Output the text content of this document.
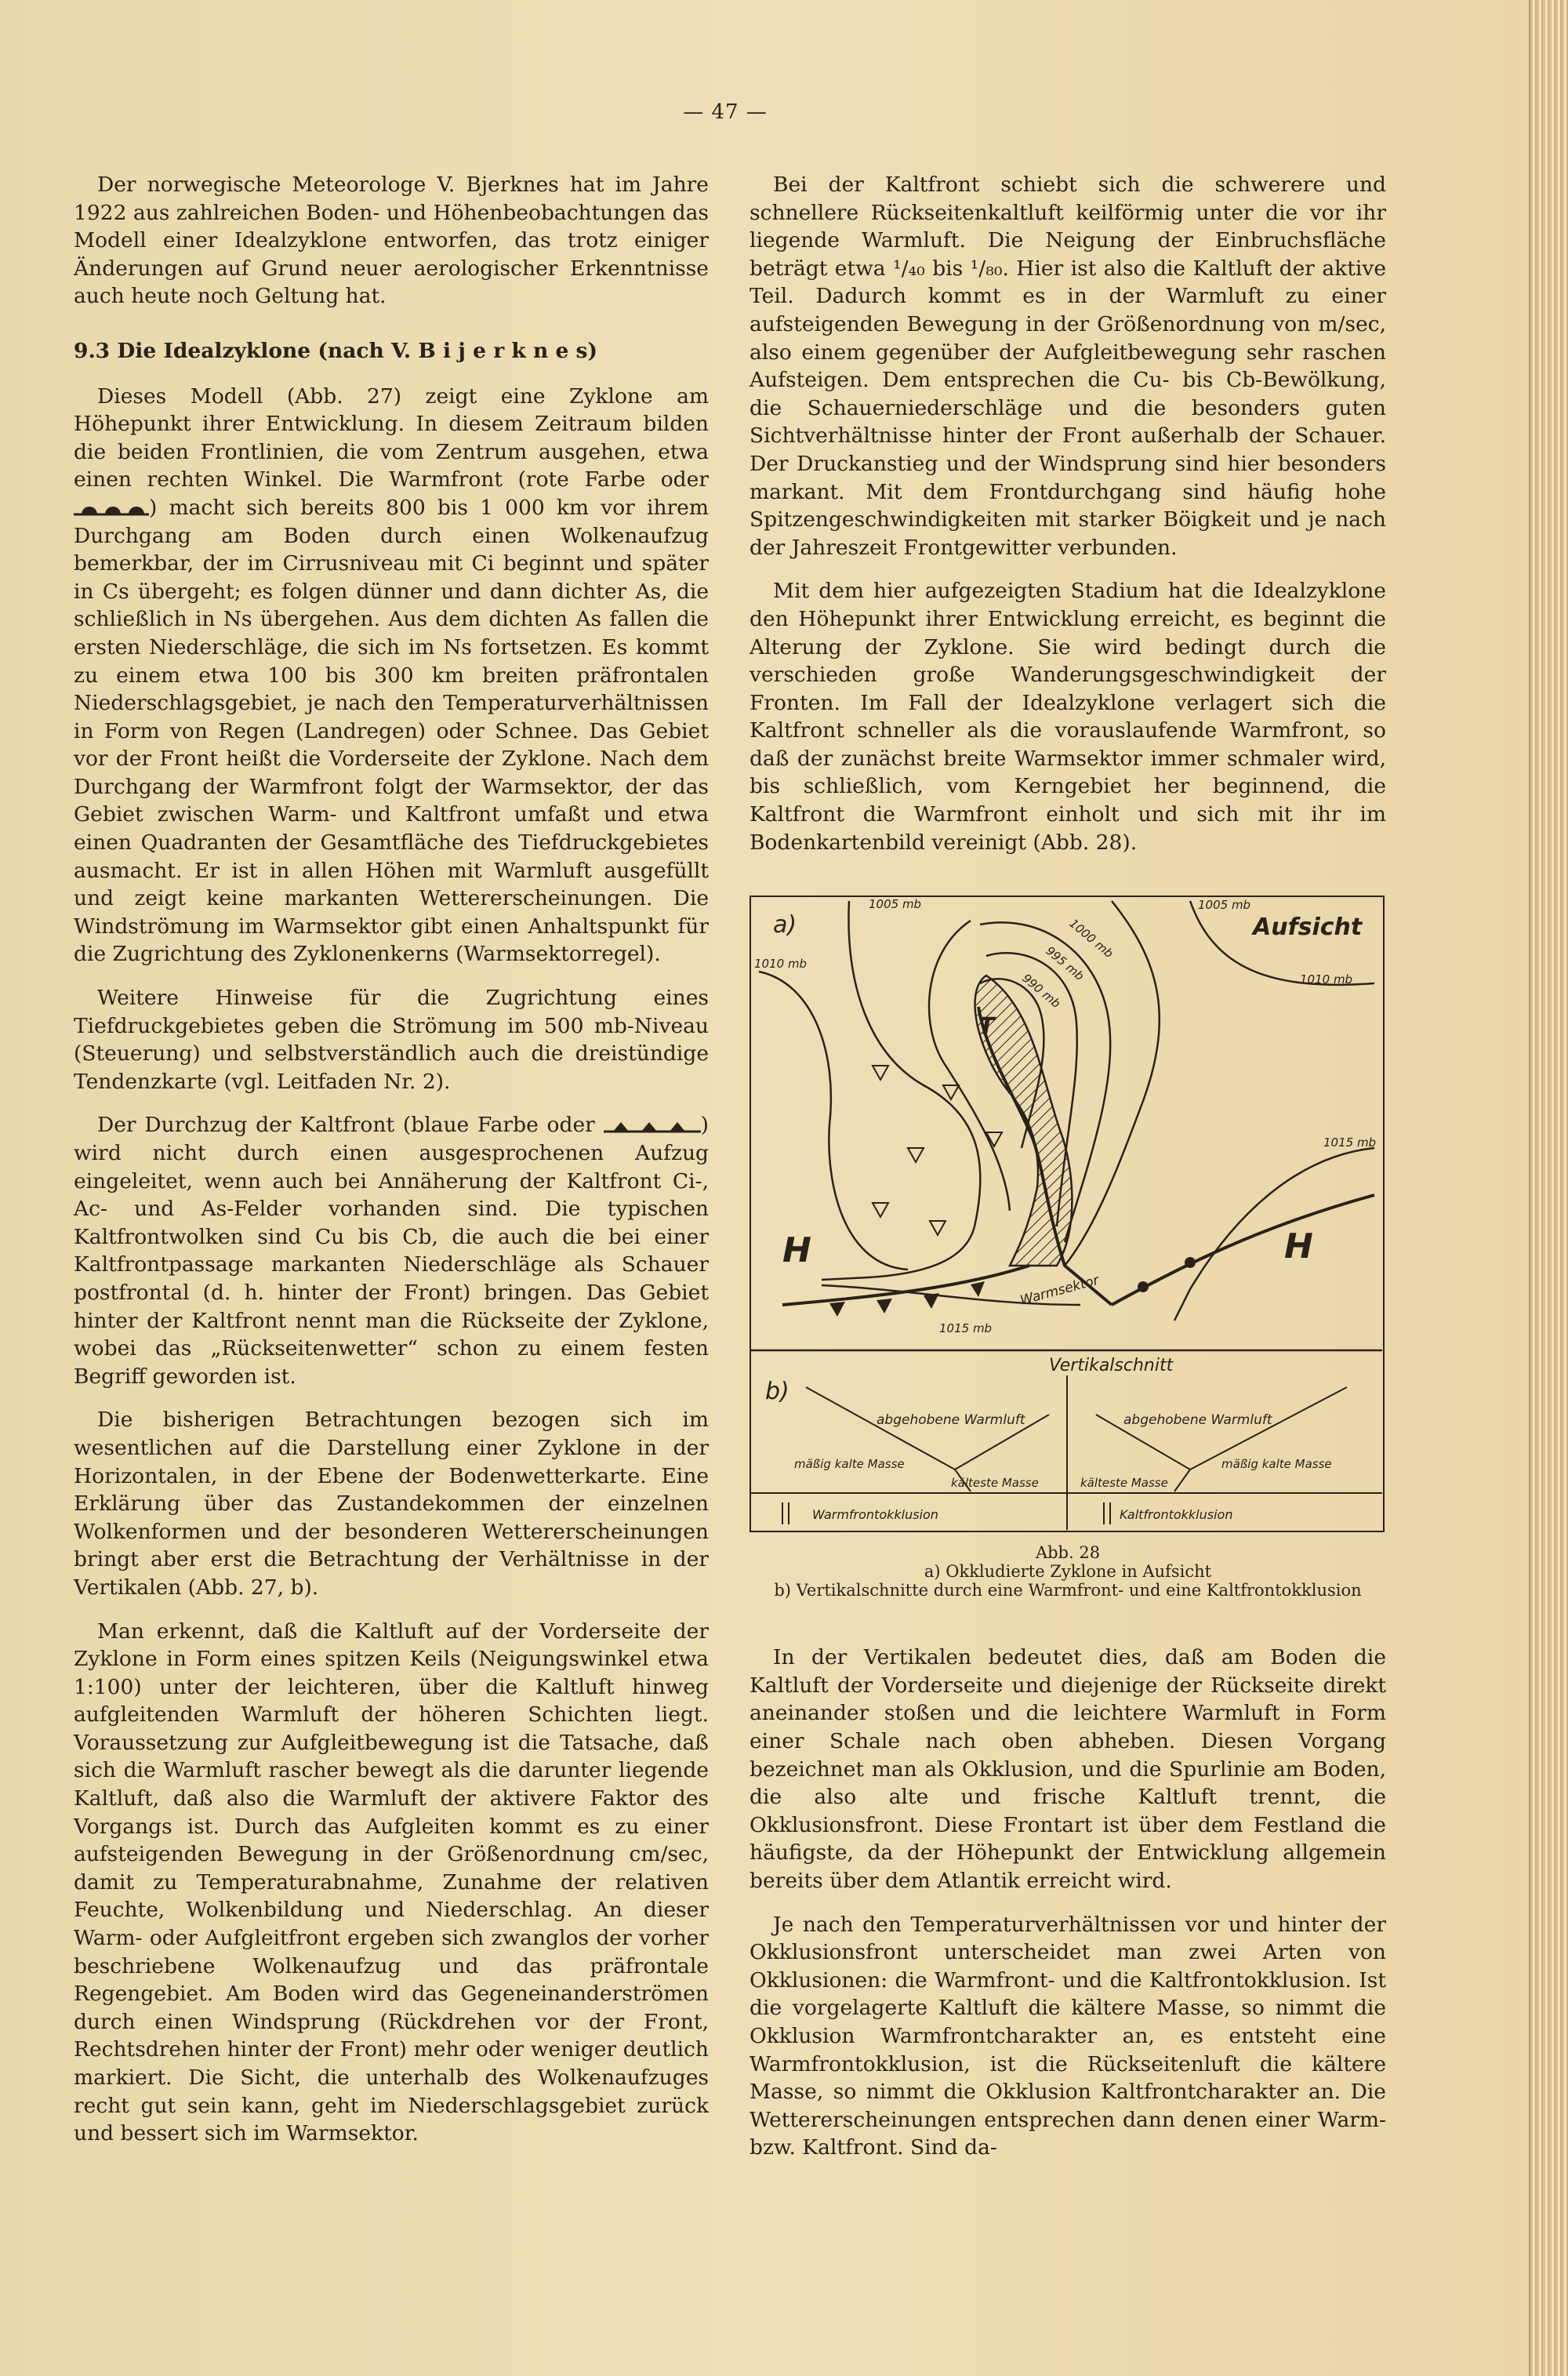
— 47 —

Der norwegische Meteorologe V. Bjerknes hat im Jahre 1922 aus zahlreichen Boden- und Höhenbeobachtungen das Modell einer Idealzyklone entworfen, das trotz einiger Änderungen auf Grund neuer aerologischer Erkenntnisse auch heute noch Geltung hat.

9.3 Die Idealzyklone (nach V. B i j e r k n e s)

Dieses Modell (Abb. 27) zeigt eine Zyklone am Höhepunkt ihrer Entwicklung. In diesem Zeitraum bilden die beiden Frontlinien, die vom Zentrum ausgehen, etwa einen rechten Winkel. Die Warmfront (rote Farbe oder ) macht sich bereits 800 bis 1 000 km vor ihrem Durchgang am Boden durch einen Wolkenaufzug bemerkbar, der im Cirrusniveau mit Ci beginnt und später in Cs übergeht; es folgen dünner und dann dichter As, die schließlich in Ns übergehen. Aus dem dichten As fallen die ersten Niederschläge, die sich im Ns fortsetzen. Es kommt zu einem etwa 100 bis 300 km breiten präfrontalen Niederschlagsgebiet, je nach den Temperaturverhältnissen in Form von Regen (Landregen) oder Schnee. Das Gebiet vor der Front heißt die Vorderseite der Zyklone. Nach dem Durchgang der Warmfront folgt der Warmsektor, der das Gebiet zwischen Warm- und Kaltfront umfaßt und etwa einen Quadranten der Gesamtfläche des Tiefdruckgebietes ausmacht. Er ist in allen Höhen mit Warmluft ausgefüllt und zeigt keine markanten Wettererscheinungen. Die Windströmung im Warmsektor gibt einen Anhaltspunkt für die Zugrichtung des Zyklonenkerns (Warmsektorregel).

Weitere Hinweise für die Zugrichtung eines Tiefdruckgebietes geben die Strömung im 500 mb-Niveau (Steuerung) und selbstverständlich auch die dreistündige Tendenzkarte (vgl. Leitfaden Nr. 2).

Der Durchzug der Kaltfront (blaue Farbe oder	) wird nicht durch einen ausgesprochenen Aufzug eingeleitet, wenn auch bei Annäherung der Kaltfront Ci-, Ac- und As-Felder vorhanden sind. Die typischen Kaltfrontwolken sind Cu bis Cb, die auch die bei einer Kaltfrontpassage markanten Niederschläge als Schauer postfrontal (d. h. hinter der Front) bringen. Das Gebiet hinter der Kaltfront nennt man die Rückseite der Zyklone, wobei das „Rückseitenwetter“ schon zu einem festen Begriff geworden ist.

Die bisherigen Betrachtungen bezogen sich im wesentlichen auf die Darstellung einer Zyklone in der Horizontalen, in der Ebene der Bodenwetterkarte. Eine Erklärung über das Zustandekommen der einzelnen Wolkenformen und der besonderen Wettererscheinungen bringt aber erst die Betrachtung der Verhältnisse in der Vertikalen (Abb. 27, b).

Man erkennt, daß die Kaltluft auf der Vorderseite der Zyklone in Form eines spitzen Keils (Neigungswinkel etwa 1:100) unter der leichteren, über die Kaltluft hinweg aufgleitenden Warmluft der höheren Schichten liegt. Voraussetzung zur Aufgleitbewegung ist die Tatsache, daß sich die Warmluft rascher bewegt als die darunter liegende Kaltluft, daß also die Warmluft der aktivere Faktor des Vorgangs ist. Durch das Aufgleiten kommt es zu einer aufsteigenden Bewegung in der Größenordnung cm/sec, damit zu Temperaturabnahme, Zunahme der relativen Feuchte, Wolkenbildung und Niederschlag. An dieser Warm- oder Aufgleitfront ergeben sich zwanglos der vorher beschriebene Wolkenaufzug und das präfrontale Regengebiet. Am Boden wird das Gegeneinanderströmen durch einen Windsprung (Rückdrehen vor der Front, Rechtsdrehen hinter der Front) mehr oder weniger deutlich markiert. Die Sicht, die unterhalb des Wolkenaufzuges recht gut sein kann, geht im Niederschlagsgebiet zurück und bessert sich im Warmsektor.

Bei der Kaltfront schiebt sich die schwerere und schnellere Rückseitenkaltluft keilförmig unter die vor ihr liegende Warmluft. Die Neigung der Einbruchsfläche beträgt etwa ¹/₄₀ bis ¹/₈₀. Hier ist also die Kaltluft der aktive Teil. Dadurch kommt es in der Warmluft zu einer aufsteigenden Bewegung in der Größenordnung von m/sec, also einem gegenüber der Aufgleitbewegung sehr raschen Aufsteigen. Dem entsprechen die Cu- bis Cb-Bewölkung, die Schauerniederschläge und die besonders guten Sichtverhältnisse hinter der Front außerhalb der Schauer. Der Druckanstieg und der Windsprung sind hier besonders markant. Mit dem Frontdurchgang sind häufig hohe Spitzengeschwindigkeiten mit starker Böigkeit und je nach der Jahreszeit Frontgewitter verbunden.

Mit dem hier aufgezeigten Stadium hat die Idealzyklone den Höhepunkt ihrer Entwicklung erreicht, es beginnt die Alterung der Zyklone. Sie wird bedingt durch die verschieden große Wanderungsgeschwindigkeit der Fronten. Im Fall der Idealzyklone verlagert sich die Kaltfront schneller als die vorauslaufende Warmfront, so daß der zunächst breite Warmsektor immer schmaler wird, bis schließlich, vom Kerngebiet her beginnend, die Kaltfront die Warmfront einholt und sich mit ihr im Bodenkartenbild vereinigt (Abb. 28).

a)	Aufsicht
1005 mb
1010 mb
1005 mb
1000 mb
995 mb
990 mb	1010 mb
1015 mb
1015 mb
H	H
T
Warmsektor
b)
Vertikalschnitt
abgehobene Warmluft
mäßig kalte Masse
kälteste Masse
Warmfrontokklusion
abgehobene Warmluft
mäßig kalte Masse
kälteste Masse
Kaltfrontokklusion
Abb. 28
a) Okkludierte Zyklone in Aufsicht
b) Vertikalschnitte durch eine Warmfront- und eine Kaltfrontokklusion

In der Vertikalen bedeutet dies, daß am Boden die Kaltluft der Vorderseite und diejenige der Rückseite direkt aneinander stoßen und die leichtere Warmluft in Form einer Schale nach oben abheben. Diesen Vorgang bezeichnet man als Okklusion, und die Spurlinie am Boden, die also alte und frische Kaltluft trennt, die Okklusionsfront. Diese Frontart ist über dem Festland die häufigste, da der Höhepunkt der Entwicklung allgemein bereits über dem Atlantik erreicht wird.

Je nach den Temperaturverhältnissen vor und hinter der Okklusionsfront unterscheidet man zwei Arten von Okklusionen: die Warmfront- und die Kaltfrontokklusion. Ist die vorgelagerte Kaltluft die kältere Masse, so nimmt die Okklusion Warmfrontcharakter an, es entsteht eine Warmfrontokklusion, ist die Rückseitenluft die kältere Masse, so nimmt die Okklusion Kaltfrontcharakter an. Die Wettererscheinungen entsprechen dann denen einer Warm- bzw. Kaltfront. Sind da-
